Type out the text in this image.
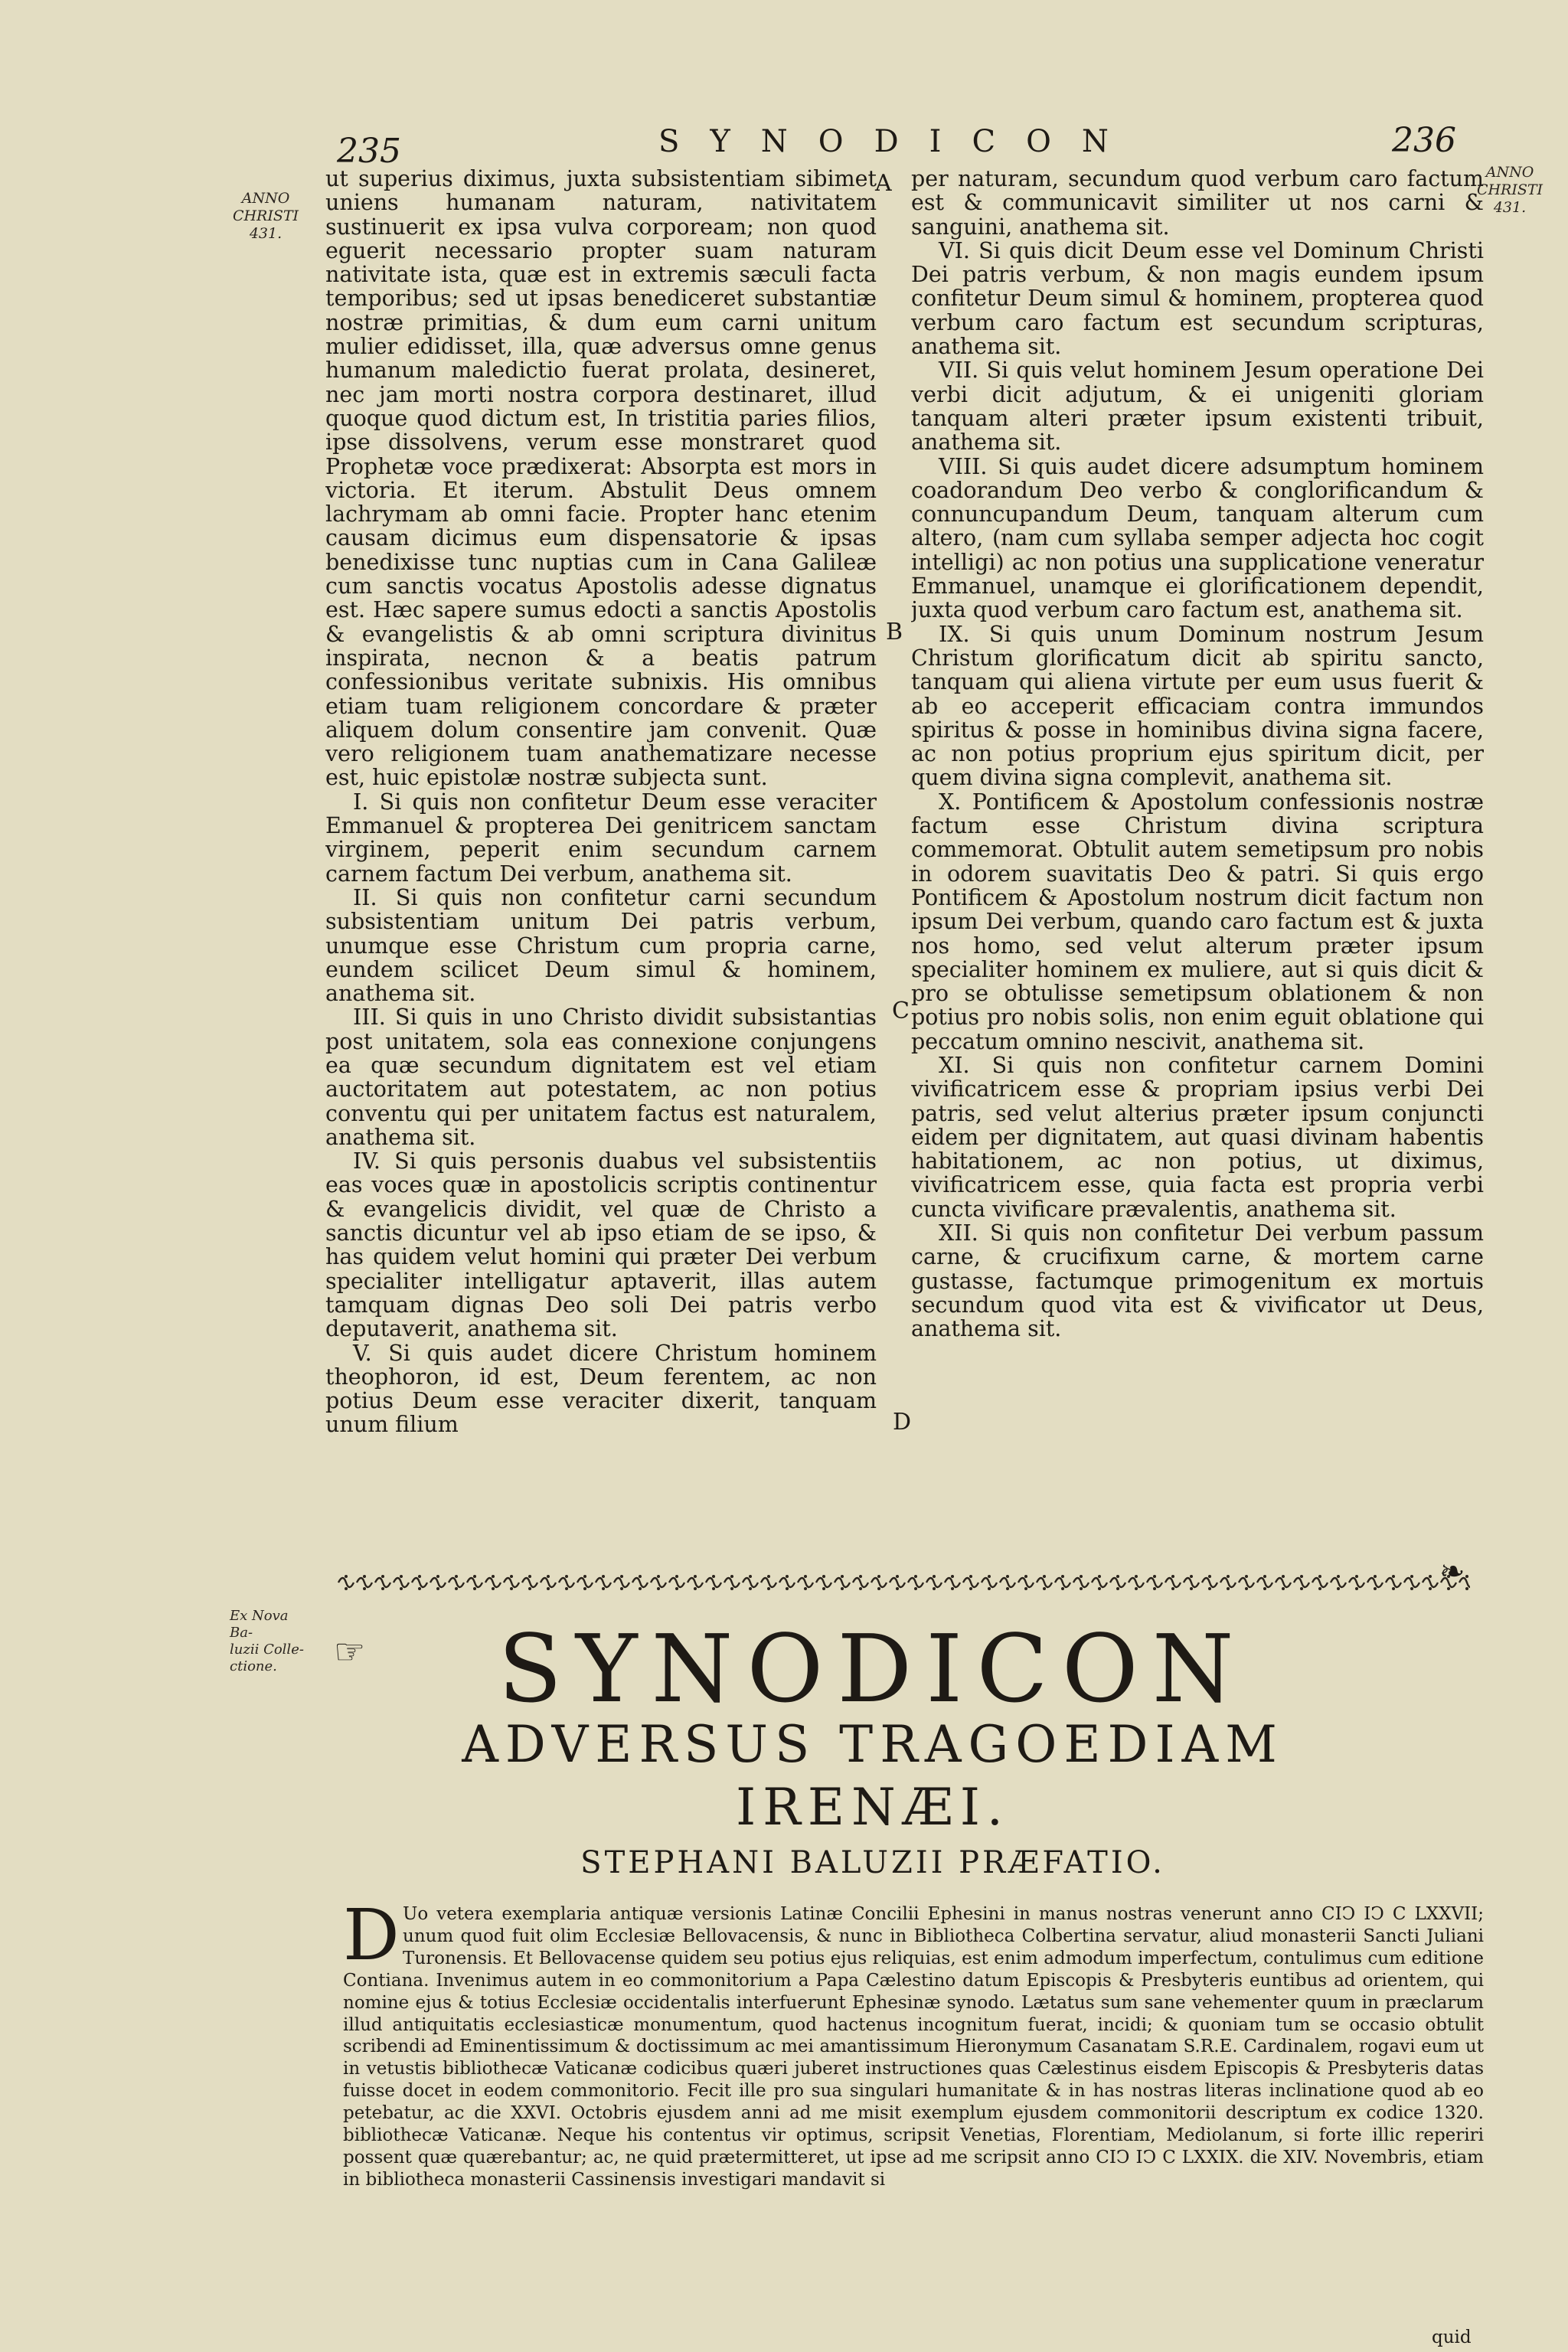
235	SYNODICON	236
ANNO
CHRISTI
431.
ANNO
CHRISTI
431.
Ex Nova Ba-
luzii Colle-
ctione.
A
B
C
D

ut superius diximus, juxta subsistentiam sibimet uniens humanam naturam, nativitatem sustinuerit ex ipsa vulva corpoream; non quod eguerit necessario propter suam naturam nativitate ista, quæ est in extremis sæculi facta temporibus; sed ut ipsas benediceret substantiæ nostræ primitias, & dum eum carni unitum mulier edidisset, illa, quæ adversus omne genus humanum maledictio fuerat prolata, desineret, nec jam morti nostra corpora destinaret, illud quoque quod dictum est, In tristitia paries filios, ipse dissolvens, verum esse monstraret quod Prophetæ voce prædixerat: Absorpta est mors in victoria. Et iterum. Abstulit Deus omnem lachrymam ab omni facie. Propter hanc etenim causam dicimus eum dispensatorie & ipsas benedixisse tunc nuptias cum in Cana Galileæ cum sanctis vocatus Apostolis adesse dignatus est. Hæc sapere sumus edocti a sanctis Apostolis & evangelistis & ab omni scriptura divinitus inspirata, necnon & a beatis patrum confessionibus veritate subnixis. His omnibus etiam tuam religionem concordare & præter aliquem dolum consentire jam convenit. Quæ vero religionem tuam anathematizare necesse est, huic epistolæ nostræ subjecta sunt.

I. Si quis non confitetur Deum esse veraciter Emmanuel & propterea Dei genitricem sanctam virginem, peperit enim secundum carnem carnem factum Dei verbum, anathema sit.

II. Si quis non confitetur carni secundum subsistentiam unitum Dei patris verbum, unumque esse Christum cum propria carne, eundem scilicet Deum simul & hominem, anathema sit.

III. Si quis in uno Christo dividit subsistantias post unitatem, sola eas connexione conjungens ea quæ secundum dignitatem est vel etiam auctoritatem aut potestatem, ac non potius conventu qui per unitatem factus est naturalem, anathema sit.

IV. Si quis personis duabus vel subsistentiis eas voces quæ in apostolicis scriptis continentur & evangelicis dividit, vel quæ de Christo a sanctis dicuntur vel ab ipso etiam de se ipso, & has quidem velut homini qui præter Dei verbum specialiter intelligatur aptaverit, illas autem tamquam dignas Deo soli Dei patris verbo deputaverit, anathema sit.

V. Si quis audet dicere Christum hominem theophoron, id est, Deum ferentem, ac non potius Deum esse veraciter dixerit, tanquam unum filium

per naturam, secundum quod verbum caro factum est & communicavit similiter ut nos carni & sanguini, anathema sit.

VI. Si quis dicit Deum esse vel Dominum Christi Dei patris verbum, & non magis eundem ipsum confitetur Deum simul & hominem, propterea quod verbum caro factum est secundum scripturas, anathema sit.

VII. Si quis velut hominem Jesum operatione Dei verbi dicit adjutum, & ei unigeniti gloriam tanquam alteri præter ipsum existenti tribuit, anathema sit.

VIII. Si quis audet dicere adsumptum hominem coadorandum Deo verbo & conglorificandum & connuncupandum Deum, tanquam alterum cum altero, (nam cum syllaba semper adjecta hoc cogit intelligi) ac non potius una supplicatione veneratur Emmanuel, unamque ei glorificationem dependit, juxta quod verbum caro factum est, anathema sit.

IX. Si quis unum Dominum nostrum Jesum Christum glorificatum dicit ab spiritu sancto, tanquam qui aliena virtute per eum usus fuerit & ab eo acceperit efficaciam contra immundos spiritus & posse in hominibus divina signa facere, ac non potius proprium ejus spiritum dicit, per quem divina signa complevit, anathema sit.

X. Pontificem & Apostolum confessionis nostræ factum esse Christum divina scriptura commemorat. Obtulit autem semetipsum pro nobis in odorem suavitatis Deo & patri. Si quis ergo Pontificem & Apostolum nostrum dicit factum non ipsum Dei verbum, quando caro factum est & juxta nos homo, sed velut alterum præter ipsum specialiter hominem ex muliere, aut si quis dicit & pro se obtulisse semetipsum oblationem & non potius pro nobis solis, non enim eguit oblatione qui peccatum omnino nescivit, anathema sit.

XI. Si quis non confitetur carnem Domini vivificatricem esse & propriam ipsius verbi Dei patris, sed velut alterius præter ipsum conjuncti eidem per dignitatem, aut quasi divinam habentis habitationem, ac non potius, ut diximus, vivificatricem esse, quia facta est propria verbi cuncta vivificare prævalentis, anathema sit.

XII. Si quis non confitetur Dei verbum passum carne, & crucifixum carne, & mortem carne gustasse, factumque primogenitum ex mortuis secundum quod vita est & vivificator ut Deus, anathema sit.

❧
☞	SYNODICON
ADVERSUS TRAGOEDIAM
IRENÆI.
STEPHANI BALUZII PRÆFATIO.
D Uo vetera exemplaria antiquæ versionis Latinæ Concilii Ephesini in manus nostras venerunt anno CIↃ IↃ C LXXVII; unum quod fuit olim Ecclesiæ Bellovacensis, & nunc in Bibliotheca Colbertina servatur, aliud monasterii Sancti Juliani Turonensis. Et Bellovacense quidem seu potius ejus reliquias, est enim admodum imperfectum, contulimus cum editione Contiana. Invenimus autem in eo commonitorium a Papa Cælestino datum Episcopis & Presbyteris euntibus ad orientem, qui nomine ejus & totius Ecclesiæ occidentalis interfuerunt Ephesinæ synodo. Lætatus sum sane vehementer quum in præclarum illud antiquitatis ecclesiasticæ monumentum, quod hactenus incognitum fuerat, incidi; & quoniam tum se occasio obtulit scribendi ad Eminentissimum & doctissimum ac mei amantissimum Hieronymum Casanatam S.R.E. Cardinalem, rogavi eum ut in vetustis bibliothecæ Vaticanæ codicibus quæri juberet instructiones quas Cælestinus eisdem Episcopis & Presbyteris datas fuisse docet in eodem commonitorio. Fecit ille pro sua singulari humanitate & in has nostras literas inclinatione quod ab eo petebatur, ac die XXVI. Octobris ejusdem anni ad me misit exemplum ejusdem commonitorii descriptum ex codice 1320. bibliothecæ Vaticanæ. Neque his contentus vir optimus, scripsit Venetias, Florentiam, Mediolanum, si forte illic reperiri possent quæ quærebantur; ac, ne quid prætermitteret, ut ipse ad me scripsit anno CIↃ IↃ C LXXIX. die XIV. Novembris, etiam in bibliotheca monasterii Cassinensis investigari mandavit si
quid
